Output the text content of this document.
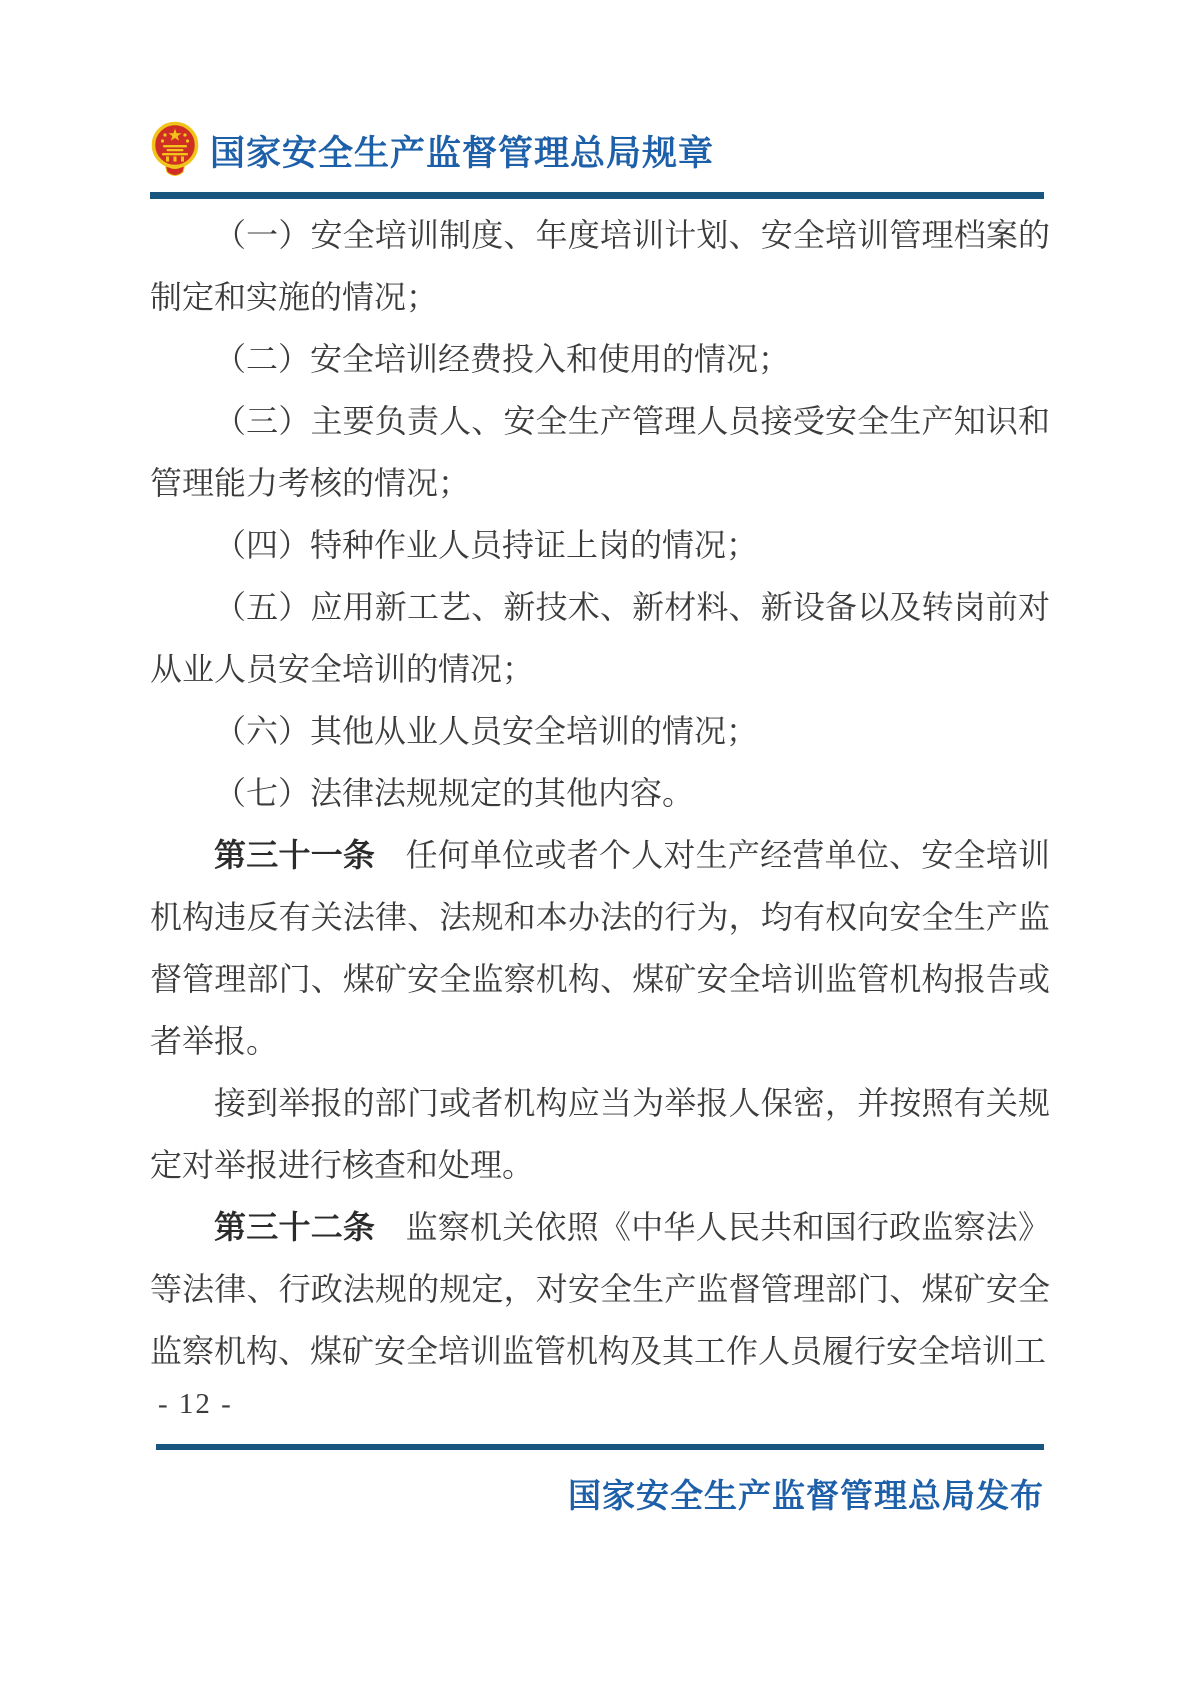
国家安全生产监督管理总局规章

（一）安全培训制度、年度培训计划、安全培训管理档案的制定和实施的情况；

（二）安全培训经费投入和使用的情况；

（三）主要负责人、安全生产管理人员接受安全生产知识和管理能力考核的情况；

（四）特种作业人员持证上岗的情况；

（五）应用新工艺、新技术、新材料、新设备以及转岗前对从业人员安全培训的情况；

（六）其他从业人员安全培训的情况；

（七）法律法规规定的其他内容。

第三十一条 任何单位或者个人对生产经营单位、安全培训机构违反有关法律、法规和本办法的行为，均有权向安全生产监督管理部门、煤矿安全监察机构、煤矿安全培训监管机构报告或者举报。

接到举报的部门或者机构应当为举报人保密，并按照有关规定对举报进行核查和处理。

第三十二条 监察机关依照《中华人民共和国行政监察法》等法律、行政法规的规定，对安全生产监督管理部门、煤矿安全监察机构、煤矿安全培训监管机构及其工作人员履行安全培训工

- 12 -
国家安全生产监督管理总局发布
